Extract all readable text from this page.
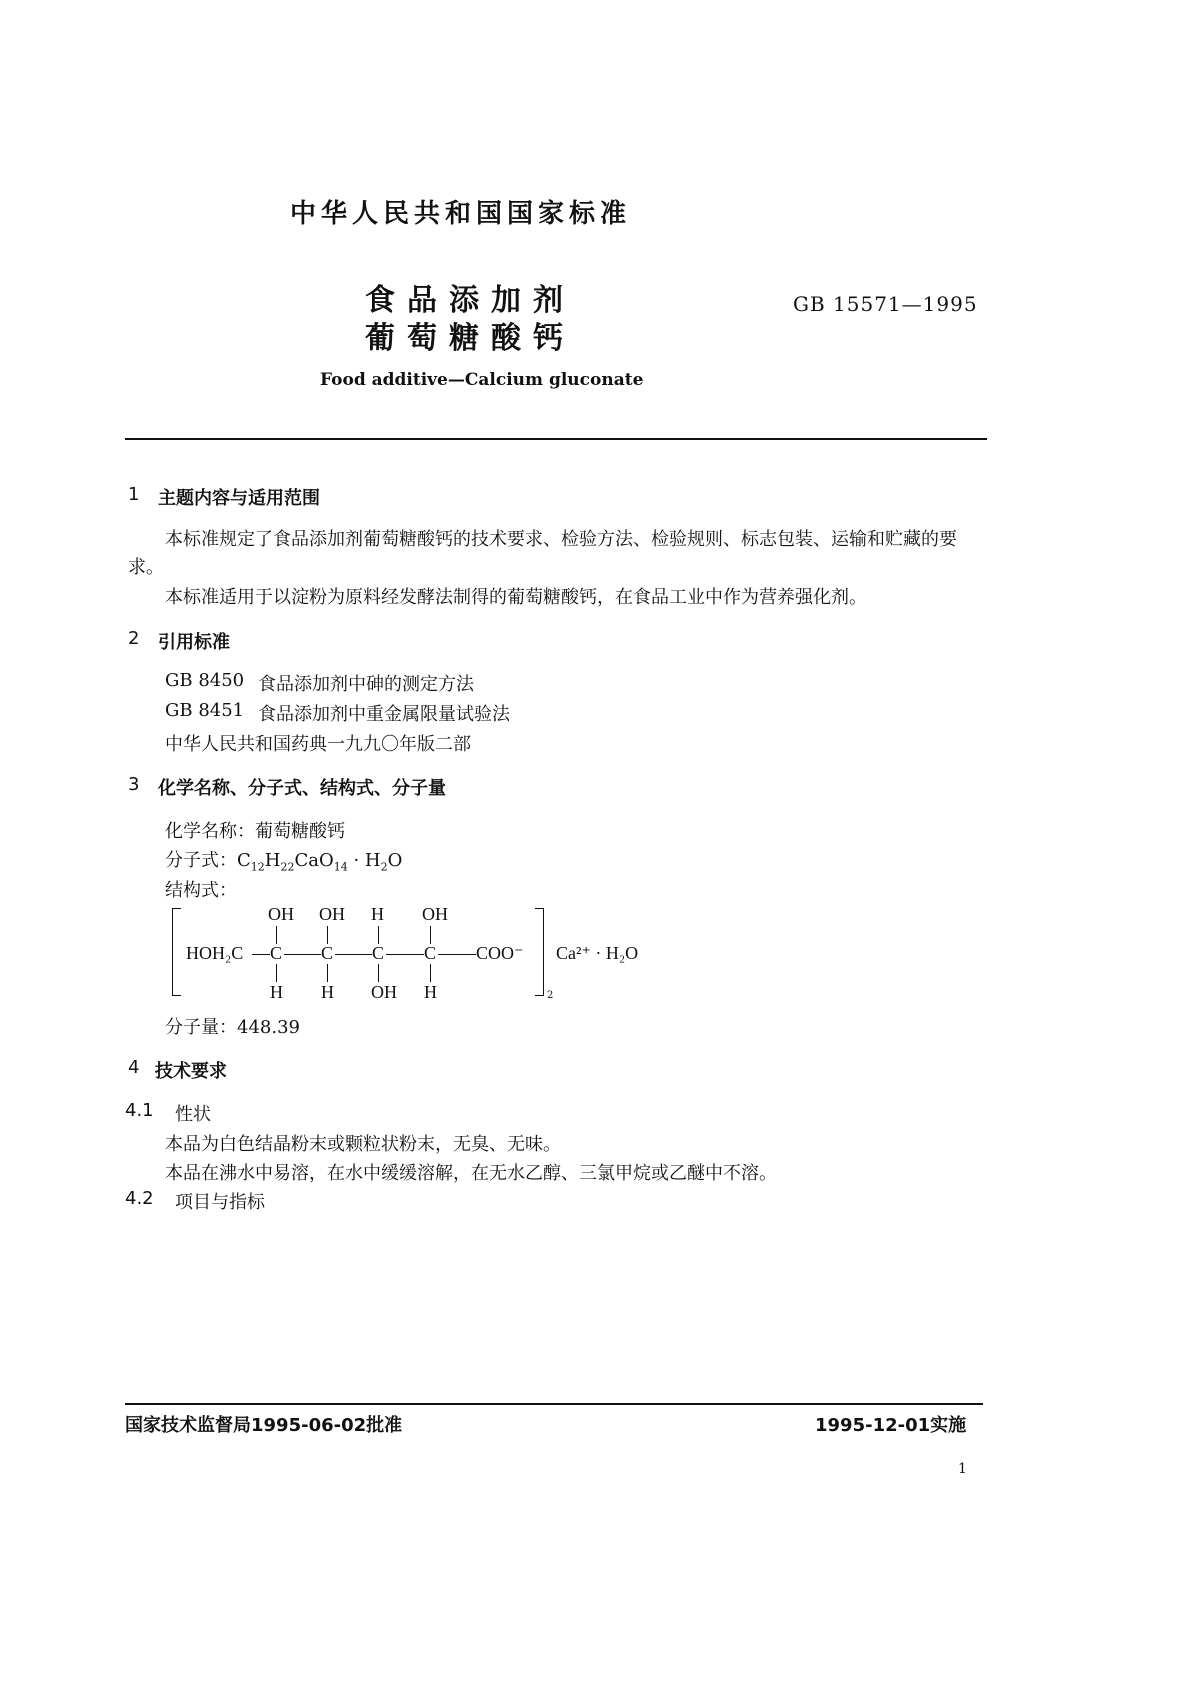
中华人民共和国国家标准
食品添加剂
葡萄糖酸钙
GB 15571—1995
Food additive—Calcium gluconate
1 主题内容与适用范围
本标准规定了食品添加剂葡萄糖酸钙的技术要求、检验方法、检验规则、标志包装、运输和贮藏的要
求。
本标准适用于以淀粉为原料经发酵法制得的葡萄糖酸钙，在食品工业中作为营养强化剂。
2 引用标准
GB 8450 食品添加剂中砷的测定方法
GB 8451 食品添加剂中重金属限量试验法
中华人民共和国药典一九九〇年版二部
3 化学名称、分子式、结构式、分子量
化学名称：葡萄糖酸钙
分子式：$C_{12}H_{22}CaO_{14} \cdot H_2O$
结构式：
OH OH H OH
HOH₂C C C C C COO⁻
H H OH H
Ca²⁺ · H₂O
2
分子量：448.39
4 技术要求
4.1 性状
本品为白色结晶粉末或颗粒状粉末，无臭、无味。
本品在沸水中易溶，在水中缓缓溶解，在无水乙醇、三氯甲烷或乙醚中不溶。
4.2 项目与指标
国家技术监督局1995-06-02批准	1995-12-01实施
1
